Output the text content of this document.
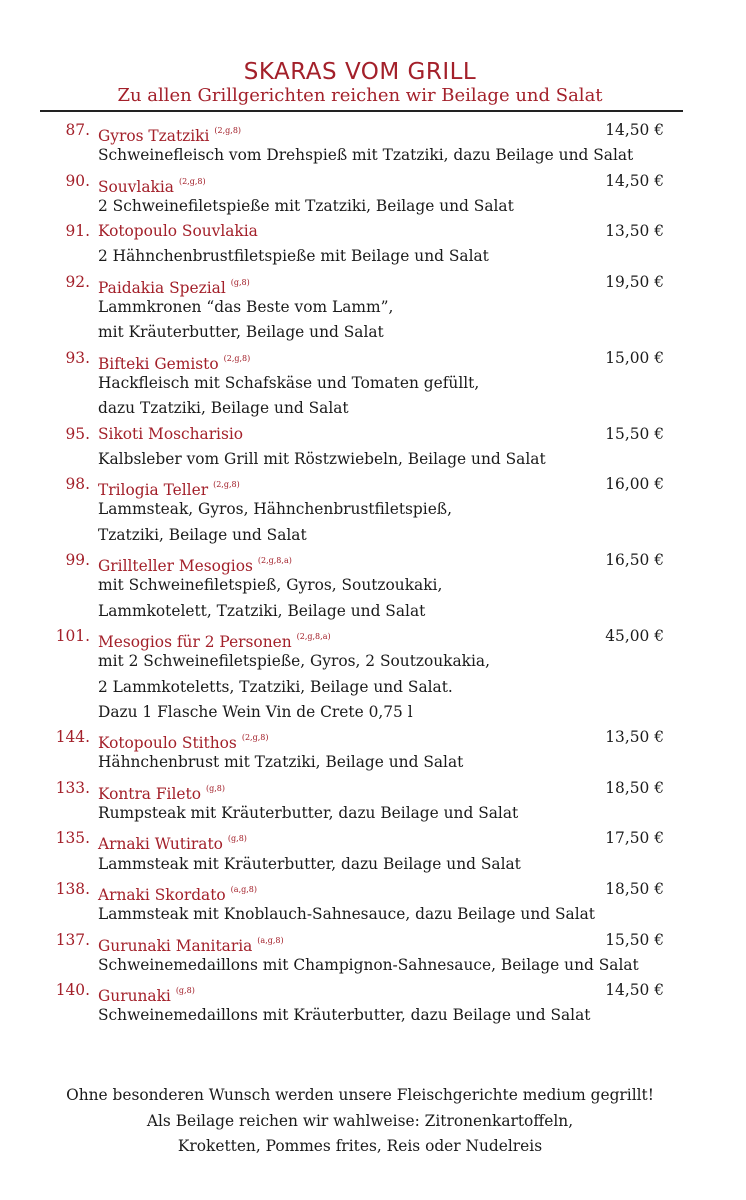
SKARAS VOM GRILL
Zu allen Grillgerichten reichen wir Beilage und Salat
87. Gyros Tzatziki $^{(2,g,8)}$	14,50 €
Schweinefleisch vom Drehspieß mit Tzatziki, dazu Beilage und Salat
90. Souvlakia $^{(2,g,8)}$	14,50 €
2 Schweinefiletspieße mit Tzatziki, Beilage und Salat
91. Kotopoulo Souvlakia	13,50 €
2 Hähnchenbrustfiletspieße mit Beilage und Salat
92. Paidakia Spezial $^{(g,8)}$	19,50 €
Lammkronen “das Beste vom Lamm”,
mit Kräuterbutter, Beilage und Salat
93. Bifteki Gemisto $^{(2,g,8)}$	15,00 €
Hackfleisch mit Schafskäse und Tomaten gefüllt,
dazu Tzatziki, Beilage und Salat
95. Sikoti Moscharisio	15,50 €
Kalbsleber vom Grill mit Röstzwiebeln, Beilage und Salat
98. Trilogia Teller $^{(2,g,8)}$	16,00 €
Lammsteak, Gyros, Hähnchenbrustfiletspieß,
Tzatziki, Beilage und Salat
99. Grillteller Mesogios $^{(2,g,8,a)}$	16,50 €
mit Schweinefiletspieß, Gyros, Soutzoukaki,
Lammkotelett, Tzatziki, Beilage und Salat
101. Mesogios für 2 Personen $^{(2,g,8,a)}$	45,00 €
mit 2 Schweinefiletspieße, Gyros, 2 Soutzoukakia,
2 Lammkoteletts, Tzatziki, Beilage und Salat.
Dazu 1 Flasche Wein Vin de Crete 0,75 l
144. Kotopoulo Stithos $^{(2,g,8)}$	13,50 €
Hähnchenbrust mit Tzatziki, Beilage und Salat
133. Kontra Fileto $^{(g,8)}$	18,50 €
Rumpsteak mit Kräuterbutter, dazu Beilage und Salat
135. Arnaki Wutirato $^{(g,8)}$	17,50 €
Lammsteak mit Kräuterbutter, dazu Beilage und Salat
138. Arnaki Skordato $^{(a,g,8)}$	18,50 €
Lammsteak mit Knoblauch-Sahnesauce, dazu Beilage und Salat
137. Gurunaki Manitaria $^{(a,g,8)}$	15,50 €
Schweinemedaillons mit Champignon-Sahnesauce, Beilage und Salat
140. Gurunaki $^{(g,8)}$	14,50 €
Schweinemedaillons mit Kräuterbutter, dazu Beilage und Salat
Ohne besonderen Wunsch werden unsere Fleischgerichte medium gegrillt!
Als Beilage reichen wir wahlweise: Zitronenkartoffeln,
Kroketten, Pommes frites, Reis oder Nudelreis
